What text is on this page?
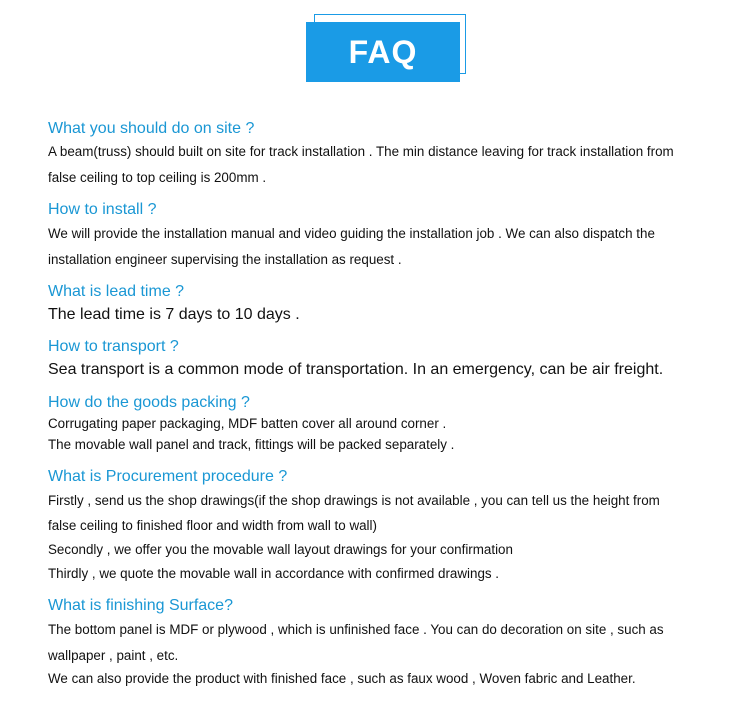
FAQ
What you should do on site ?
A beam(truss) should built on site for track installation . The min distance leaving for track installation from
false ceiling to top ceiling is 200mm .
How to install ?
We will provide the installation manual and video guiding the installation job . We can also dispatch the
installation engineer supervising the installation as request .
What is lead time ?
The lead time is 7 days to 10 days .
How to transport ?
Sea transport is a common mode of transportation. In an emergency, can be air freight.
How do the goods packing ?
Corrugating paper packaging, MDF batten cover all around corner .
The movable wall panel and track, fittings will be packed separately .
What is Procurement procedure ?
Firstly , send us the shop drawings(if the shop drawings is not available , you can tell us the height from
false ceiling to finished floor and width from wall to wall)
Secondly , we offer you the movable wall layout drawings for your confirmation
Thirdly , we quote the movable wall in accordance with confirmed drawings .
What is finishing Surface?
The bottom panel is MDF or plywood , which is unfinished face . You can do decoration on site , such as
wallpaper , paint , etc.
We can also provide the product with finished face , such as faux wood , Woven fabric and Leather.
